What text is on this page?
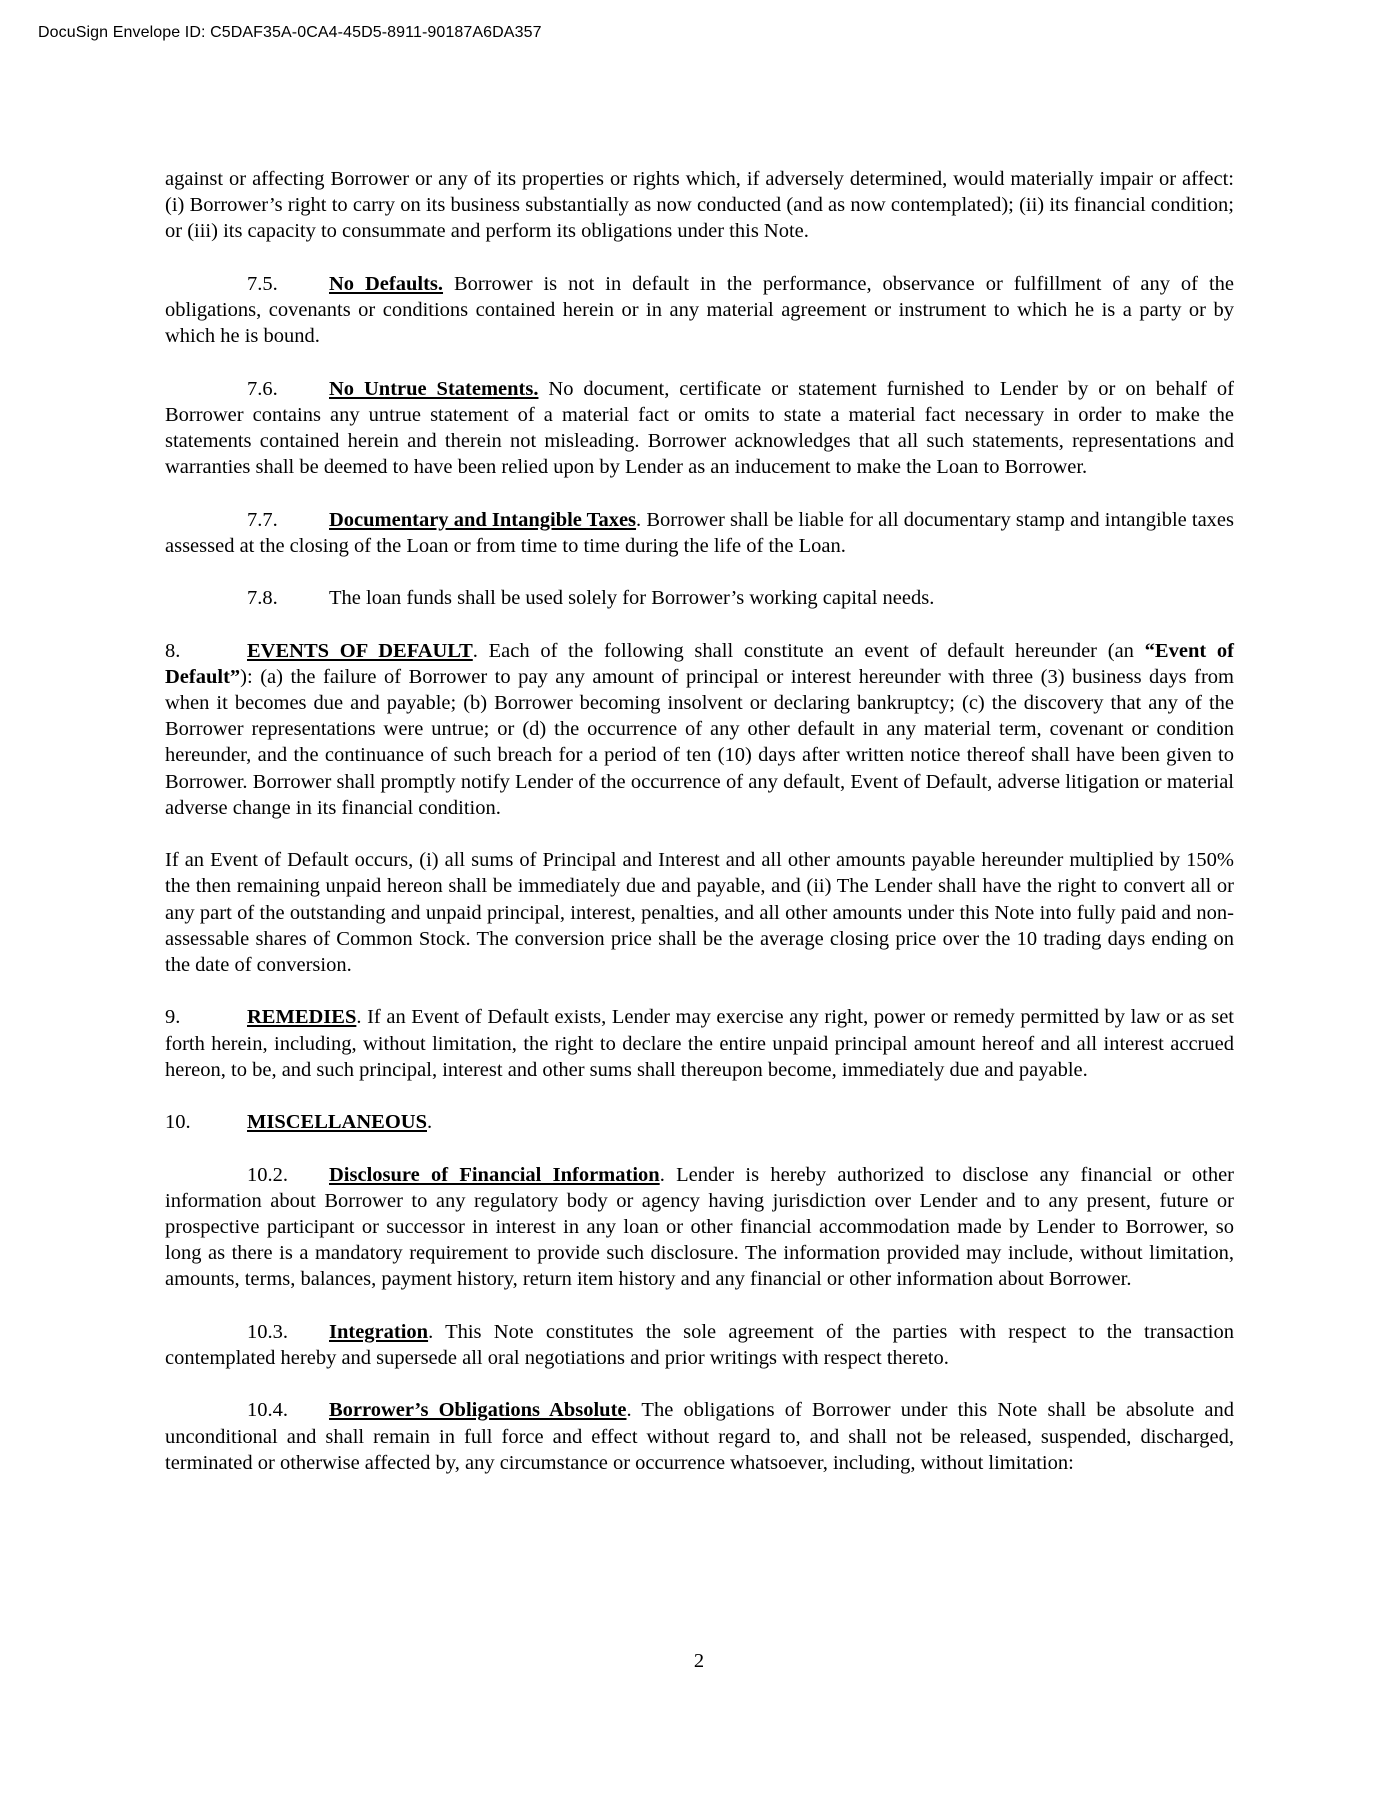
DocuSign Envelope ID: C5DAF35A-0CA4-45D5-8911-90187A6DA357

against or affecting Borrower or any of its properties or rights which, if adversely determined, would materially impair or affect: (i) Borrower’s right to carry on its business substantially as now conducted (and as now contemplated); (ii) its financial condition; or (iii) its capacity to consummate and perform its obligations under this Note.

7.5.	No Defaults. Borrower is not in default in the performance, observance or fulfillment of any of the obligations, covenants or conditions contained herein or in any material agreement or instrument to which he is a party or by which he is bound.

7.6.	No Untrue Statements. No document, certificate or statement furnished to Lender by or on behalf of Borrower contains any untrue statement of a material fact or omits to state a material fact necessary in order to make the statements contained herein and therein not misleading. Borrower acknowledges that all such statements, representations and warranties shall be deemed to have been relied upon by Lender as an inducement to make the Loan to Borrower.

7.7.	Documentary and Intangible Taxes. Borrower shall be liable for all documentary stamp and intangible taxes assessed at the closing of the Loan or from time to time during the life of the Loan.

7.8.	The loan funds shall be used solely for Borrower’s working capital needs.

8.	EVENTS OF DEFAULT. Each of the following shall constitute an event of default hereunder (an “Event of Default”): (a) the failure of Borrower to pay any amount of principal or interest hereunder with three (3) business days from when it becomes due and payable; (b) Borrower becoming insolvent or declaring bankruptcy; (c) the discovery that any of the Borrower representations were untrue; or (d) the occurrence of any other default in any material term, covenant or condition hereunder, and the continuance of such breach for a period of ten (10) days after written notice thereof shall have been given to Borrower. Borrower shall promptly notify Lender of the occurrence of any default, Event of Default, adverse litigation or material adverse change in its financial condition.

If an Event of Default occurs, (i) all sums of Principal and Interest and all other amounts payable hereunder multiplied by 150% the then remaining unpaid hereon shall be immediately due and payable, and (ii) The Lender shall have the right to convert all or any part of the outstanding and unpaid principal, interest, penalties, and all other amounts under this Note into fully paid and non-assessable shares of Common Stock. The conversion price shall be the average closing price over the 10 trading days ending on the date of conversion.

9.	REMEDIES. If an Event of Default exists, Lender may exercise any right, power or remedy permitted by law or as set forth herein, including, without limitation, the right to declare the entire unpaid principal amount hereof and all interest accrued hereon, to be, and such principal, interest and other sums shall thereupon become, immediately due and payable.

10.	MISCELLANEOUS.

10.2. Disclosure of Financial Information. Lender is hereby authorized to disclose any financial or other information about Borrower to any regulatory body or agency having jurisdiction over Lender and to any present, future or prospective participant or successor in interest in any loan or other financial accommodation made by Lender to Borrower, so long as there is a mandatory requirement to provide such disclosure. The information provided may include, without limitation, amounts, terms, balances, payment history, return item history and any financial or other information about Borrower.

10.3. Integration. This Note constitutes the sole agreement of the parties with respect to the transaction contemplated hereby and supersede all oral negotiations and prior writings with respect thereto.

10.4. Borrower’s Obligations Absolute. The obligations of Borrower under this Note shall be absolute and unconditional and shall remain in full force and effect without regard to, and shall not be released, suspended, discharged, terminated or otherwise affected by, any circumstance or occurrence whatsoever, including, without limitation:

2
